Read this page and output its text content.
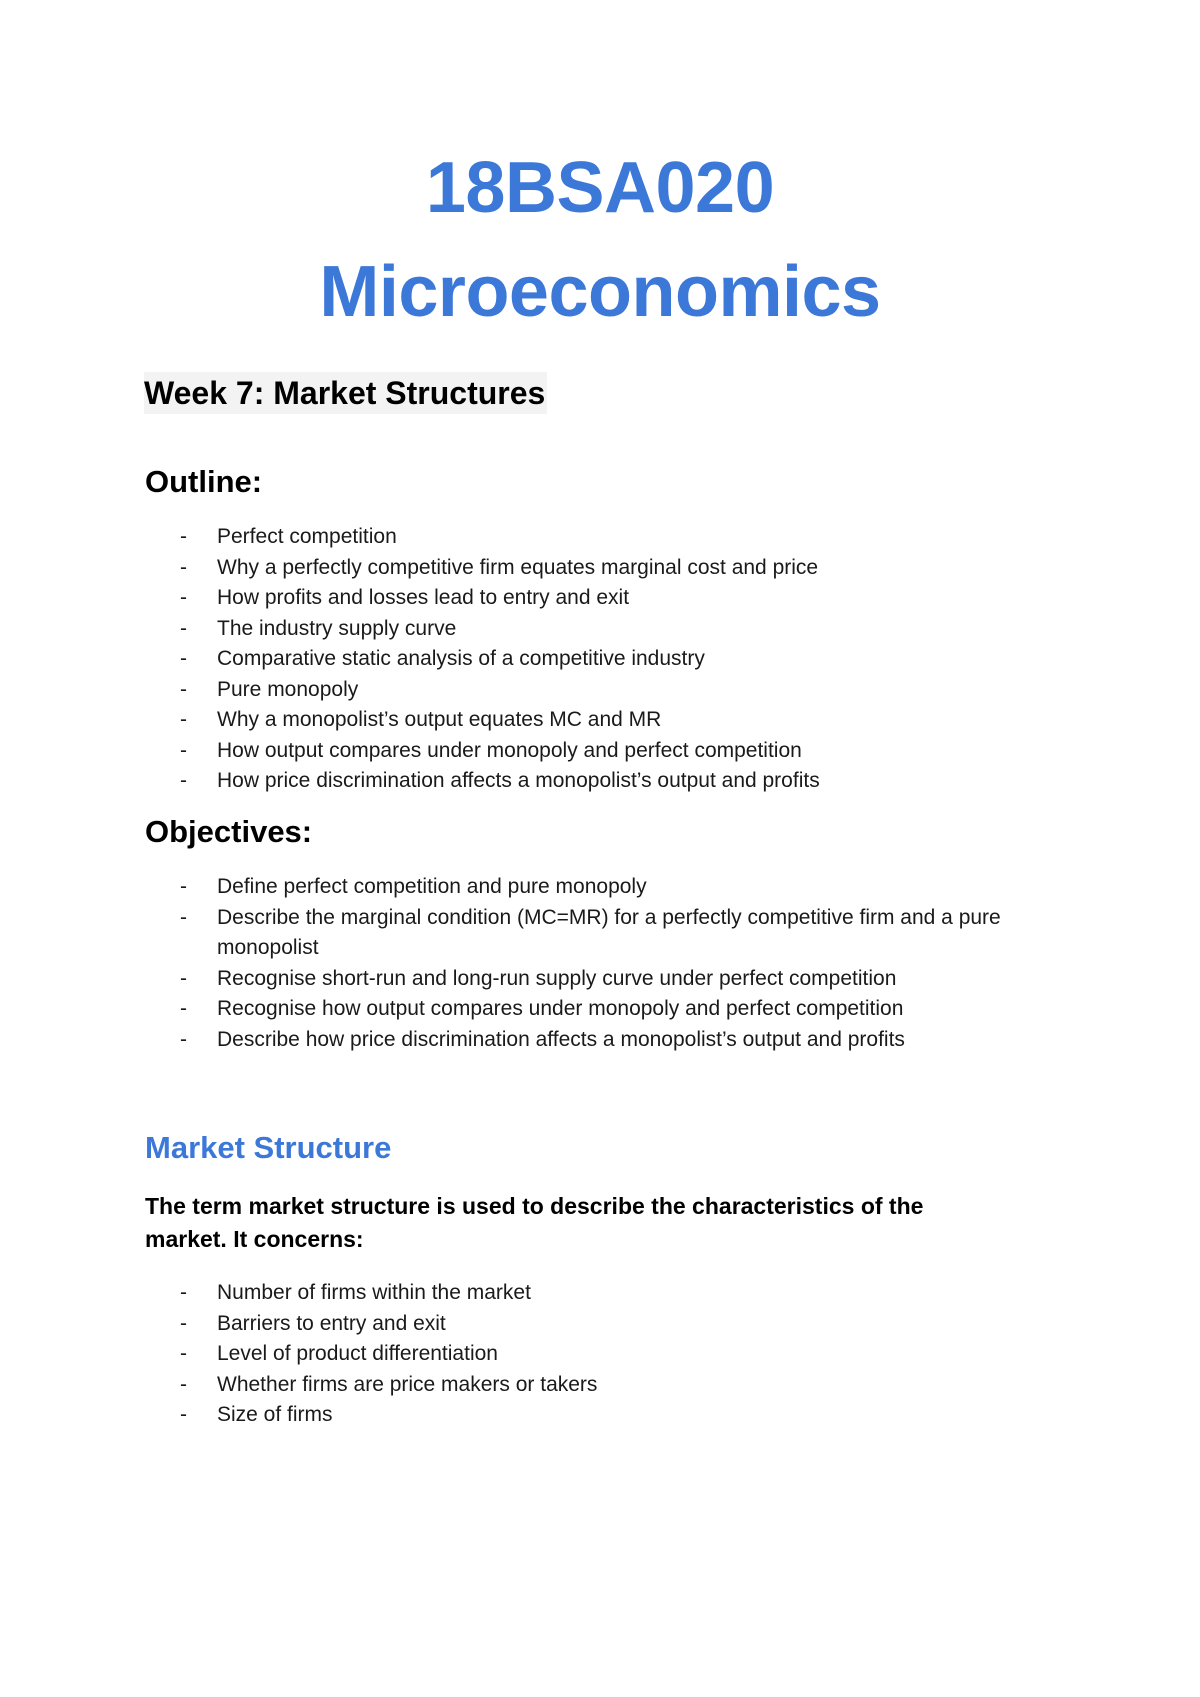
18BSA020
Microeconomics
Week 7: Market Structures
Outline:
- Perfect competition
- Why a perfectly competitive firm equates marginal cost and price
- How profits and losses lead to entry and exit
- The industry supply curve
- Comparative static analysis of a competitive industry
- Pure monopoly
- Why a monopolist’s output equates MC and MR
- How output compares under monopoly and perfect competition
- How price discrimination affects a monopolist’s output and profits
Objectives:
- Define perfect competition and pure monopoly
- Describe the marginal condition (MC=MR) for a perfectly competitive firm and a pure monopolist
- Recognise short-run and long-run supply curve under perfect competition
- Recognise how output compares under monopoly and perfect competition
- Describe how price discrimination affects a monopolist’s output and profits
Market Structure
The term market structure is used to describe the characteristics of the market. It concerns:
- Number of firms within the market
- Barriers to entry and exit
- Level of product differentiation
- Whether firms are price makers or takers
- Size of firms
